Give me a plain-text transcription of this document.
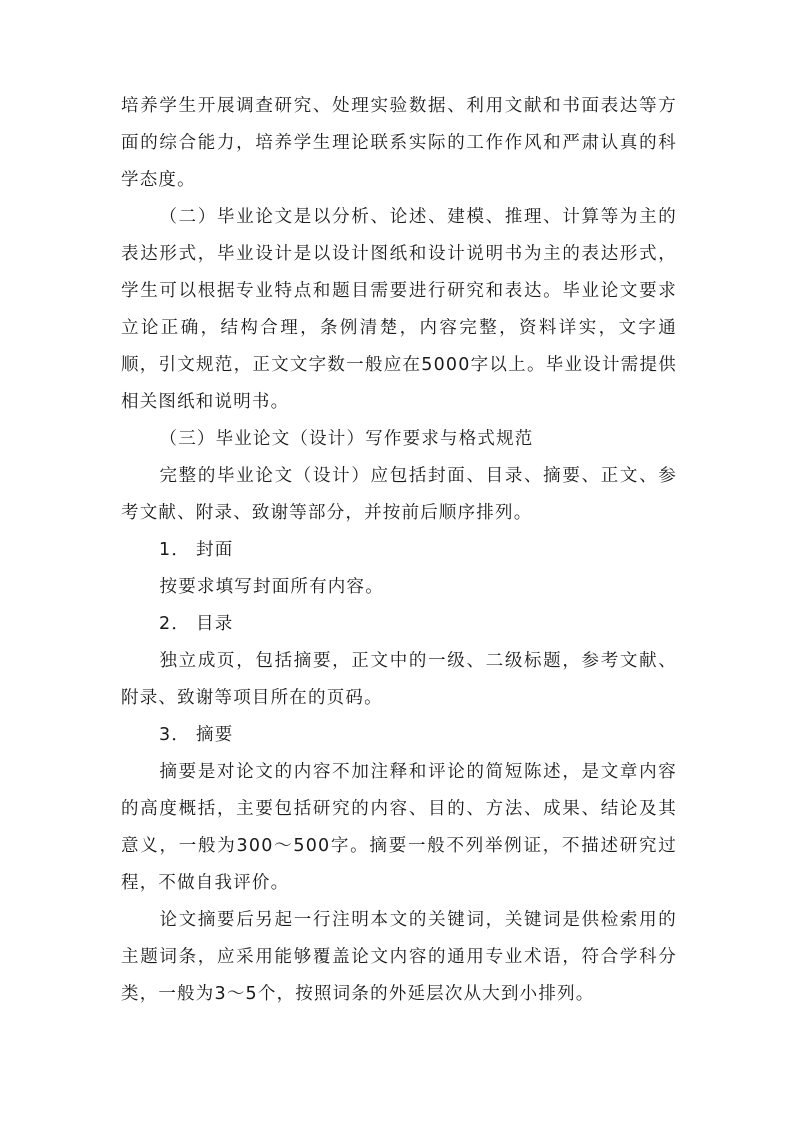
培养学生开展调查研究、处理实验数据、利用文献和书面表达等方面的综合能力，培养学生理论联系实际的工作作风和严肃认真的科学态度。

（二）毕业论文是以分析、论述、建模、推理、计算等为主的表达形式，毕业设计是以设计图纸和设计说明书为主的表达形式，学生可以根据专业特点和题目需要进行研究和表达。毕业论文要求立论正确，结构合理，条例清楚，内容完整，资料详实，文字通顺，引文规范，正文文字数一般应在5000字以上。毕业设计需提供相关图纸和说明书。

（三）毕业论文（设计）写作要求与格式规范

完整的毕业论文（设计）应包括封面、目录、摘要、正文、参考文献、附录、致谢等部分，并按前后顺序排列。

1． 封面

按要求填写封面所有内容。

2． 目录

独立成页，包括摘要，正文中的一级、二级标题，参考文献、附录、致谢等项目所在的页码。

3． 摘要

摘要是对论文的内容不加注释和评论的简短陈述，是文章内容的高度概括，主要包括研究的内容、目的、方法、成果、结论及其意义，一般为300～500字。摘要一般不列举例证，不描述研究过程，不做自我评价。

论文摘要后另起一行注明本文的关键词，关键词是供检索用的主题词条，应采用能够覆盖论文内容的通用专业术语，符合学科分类，一般为3～5个，按照词条的外延层次从大到小排列。
